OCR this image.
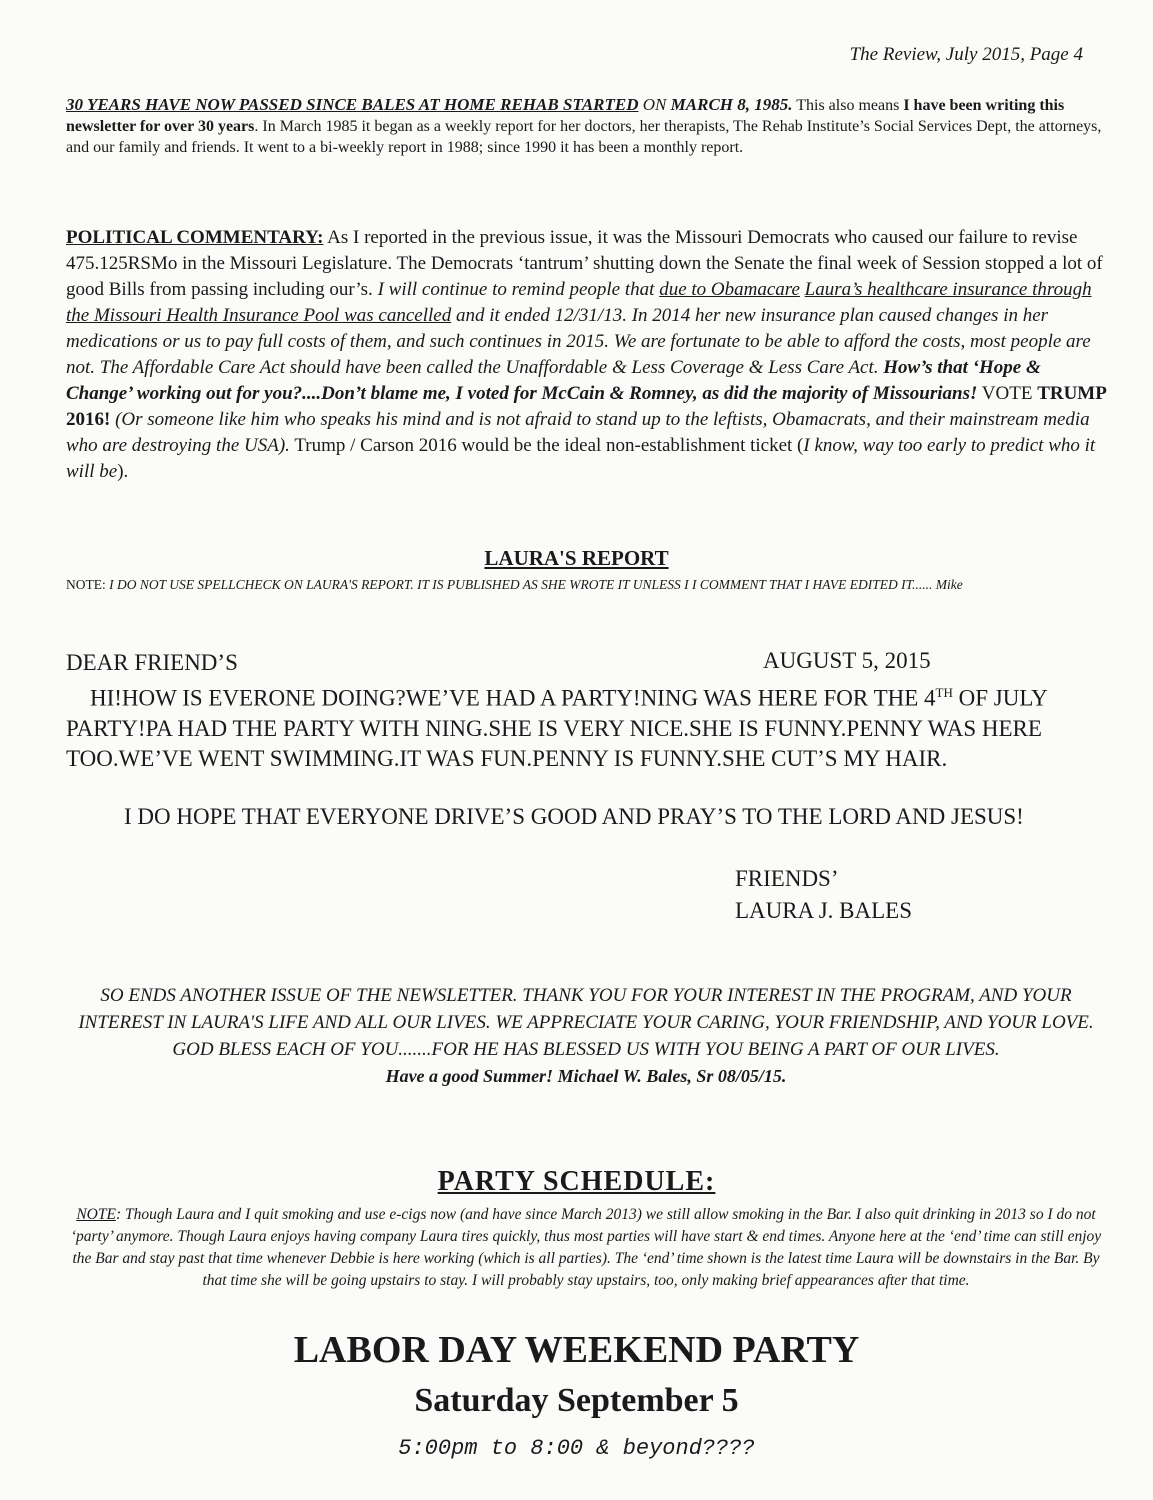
The Review, July 2015, Page 4

30 YEARS HAVE NOW PASSED SINCE BALES AT HOME REHAB STARTED ON MARCH 8, 1985. This also means I have been writing this newsletter for over 30 years. In March 1985 it began as a weekly report for her doctors, her therapists, The Rehab Institute’s Social Services Dept, the attorneys, and our family and friends. It went to a bi-weekly report in 1988; since 1990 it has been a monthly report.

POLITICAL COMMENTARY: As I reported in the previous issue, it was the Missouri Democrats who caused our failure to revise 475.125RSMo in the Missouri Legislature. The Democrats ‘tantrum’ shutting down the Senate the final week of Session stopped a lot of good Bills from passing including our’s. I will continue to remind people that due to Obamacare Laura’s healthcare insurance through the Missouri Health Insurance Pool was cancelled and it ended 12/31/13. In 2014 her new insurance plan caused changes in her medications or us to pay full costs of them, and such continues in 2015. We are fortunate to be able to afford the costs, most people are not. The Affordable Care Act should have been called the Unaffordable & Less Coverage & Less Care Act. How’s that ‘Hope & Change’ working out for you?....Don’t blame me, I voted for McCain & Romney, as did the majority of Missourians! VOTE TRUMP 2016! (Or someone like him who speaks his mind and is not afraid to stand up to the leftists, Obamacrats, and their mainstream media who are destroying the USA). Trump / Carson 2016 would be the ideal non-establishment ticket (I know, way too early to predict who it will be).

LAURA'S REPORT
NOTE: I DO NOT USE SPELLCHECK ON LAURA'S REPORT. IT IS PUBLISHED AS SHE WROTE IT UNLESS I I COMMENT THAT I HAVE EDITED IT...... Mike
DEAR FRIEND’S	AUGUST 5, 2015
HI!HOW IS EVERONE DOING?WE’VE HAD A PARTY!NING WAS HERE FOR THE 4TH OF JULY PARTY!PA HAD THE PARTY WITH NING.SHE IS VERY NICE.SHE IS FUNNY.PENNY WAS HERE TOO.WE’VE WENT SWIMMING.IT WAS FUN.PENNY IS FUNNY.SHE CUT’S MY HAIR.
I DO HOPE THAT EVERYONE DRIVE’S GOOD AND PRAY’S TO THE LORD AND JESUS!
FRIENDS’
LAURA J. BALES
SO ENDS ANOTHER ISSUE OF THE NEWSLETTER. THANK YOU FOR YOUR INTEREST IN THE PROGRAM, AND YOUR INTEREST IN LAURA'S LIFE AND ALL OUR LIVES. WE APPRECIATE YOUR CARING, YOUR FRIENDSHIP, AND YOUR LOVE. GOD BLESS EACH OF YOU.......FOR HE HAS BLESSED US WITH YOU BEING A PART OF OUR LIVES.
Have a good Summer! Michael W. Bales, Sr 08/05/15.
PARTY SCHEDULE:
NOTE: Though Laura and I quit smoking and use e-cigs now (and have since March 2013) we still allow smoking in the Bar. I also quit drinking in 2013 so I do not ‘party’ anymore. Though Laura enjoys having company Laura tires quickly, thus most parties will have start & end times. Anyone here at the ‘end’ time can still enjoy the Bar and stay past that time whenever Debbie is here working (which is all parties). The ‘end’ time shown is the latest time Laura will be downstairs in the Bar. By that time she will be going upstairs to stay. I will probably stay upstairs, too, only making brief appearances after that time.
LABOR DAY WEEKEND PARTY
Saturday September 5
5:00pm to 8:00 & beyond????
